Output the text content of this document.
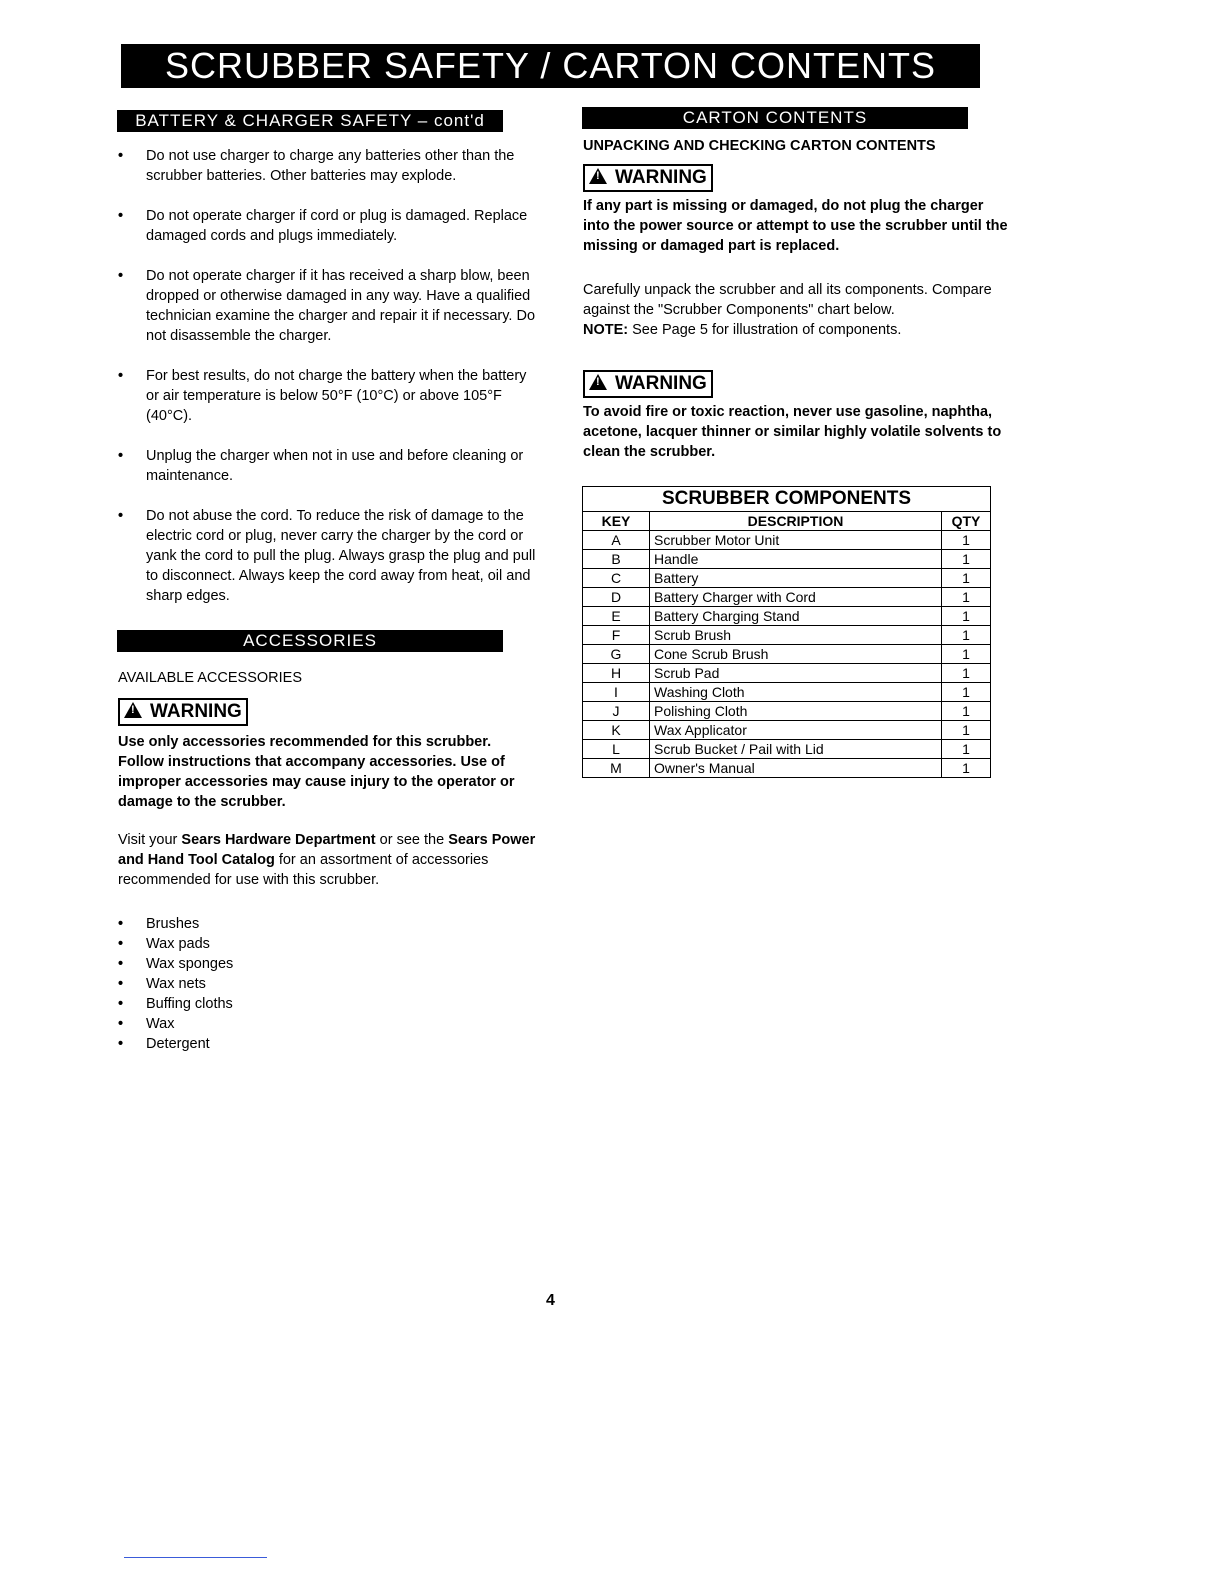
SCRUBBER SAFETY / CARTON CONTENTS
BATTERY & CHARGER SAFETY – cont'd
• Do not use charger to charge any batteries other than the scrubber batteries. Other batteries may explode.
• Do not operate charger if cord or plug is damaged. Replace damaged cords and plugs immediately.
• Do not operate charger if it has received a sharp blow, been dropped or otherwise damaged in any way. Have a qualified technician examine the charger and repair it if necessary. Do not disassemble the charger.
• For best results, do not charge the battery when the battery or air temperature is below 50°F (10°C) or above 105°F (40°C).
• Unplug the charger when not in use and before cleaning or maintenance.
• Do not abuse the cord. To reduce the risk of damage to the electric cord or plug, never carry the charger by the cord or yank the cord to pull the plug. Always grasp the plug and pull to disconnect. Always keep the cord away from heat, oil and sharp edges.
ACCESSORIES
AVAILABLE ACCESSORIES
!WARNING
Use only accessories recommended for this scrubber. Follow instructions that accompany accessories. Use of improper accessories may cause injury to the operator or damage to the scrubber.
Visit your Sears Hardware Department or see the Sears Power and Hand Tool Catalog for an assortment of accessories recommended for use with this scrubber.
• Brushes
• Wax pads
• Wax sponges
• Wax nets
• Buffing cloths
• Wax
• Detergent
CARTON CONTENTS
UNPACKING AND CHECKING CARTON CONTENTS
!WARNING
If any part is missing or damaged, do not plug the charger into the power source or attempt to use the scrubber until the missing or damaged part is replaced.
Carefully unpack the scrubber and all its components. Compare against the "Scrubber Components" chart below.
NOTE: See Page 5 for illustration of components.
!WARNING
To avoid fire or toxic reaction, never use gasoline, naphtha, acetone, lacquer thinner or similar highly volatile solvents to clean the scrubber.
SCRUBBER COMPONENTS		
KEY	DESCRIPTION	QTY
A	Scrubber Motor Unit	1
B	Handle	1
C	Battery	1
D	Battery Charger with Cord	1
E	Battery Charging Stand	1
F	Scrub Brush	1
G	Cone Scrub Brush	1
H	Scrub Pad	1
I	Washing Cloth	1
J	Polishing Cloth	1
K	Wax Applicator	1
L	Scrub Bucket / Pail with Lid	1
M	Owner's Manual	1
4
